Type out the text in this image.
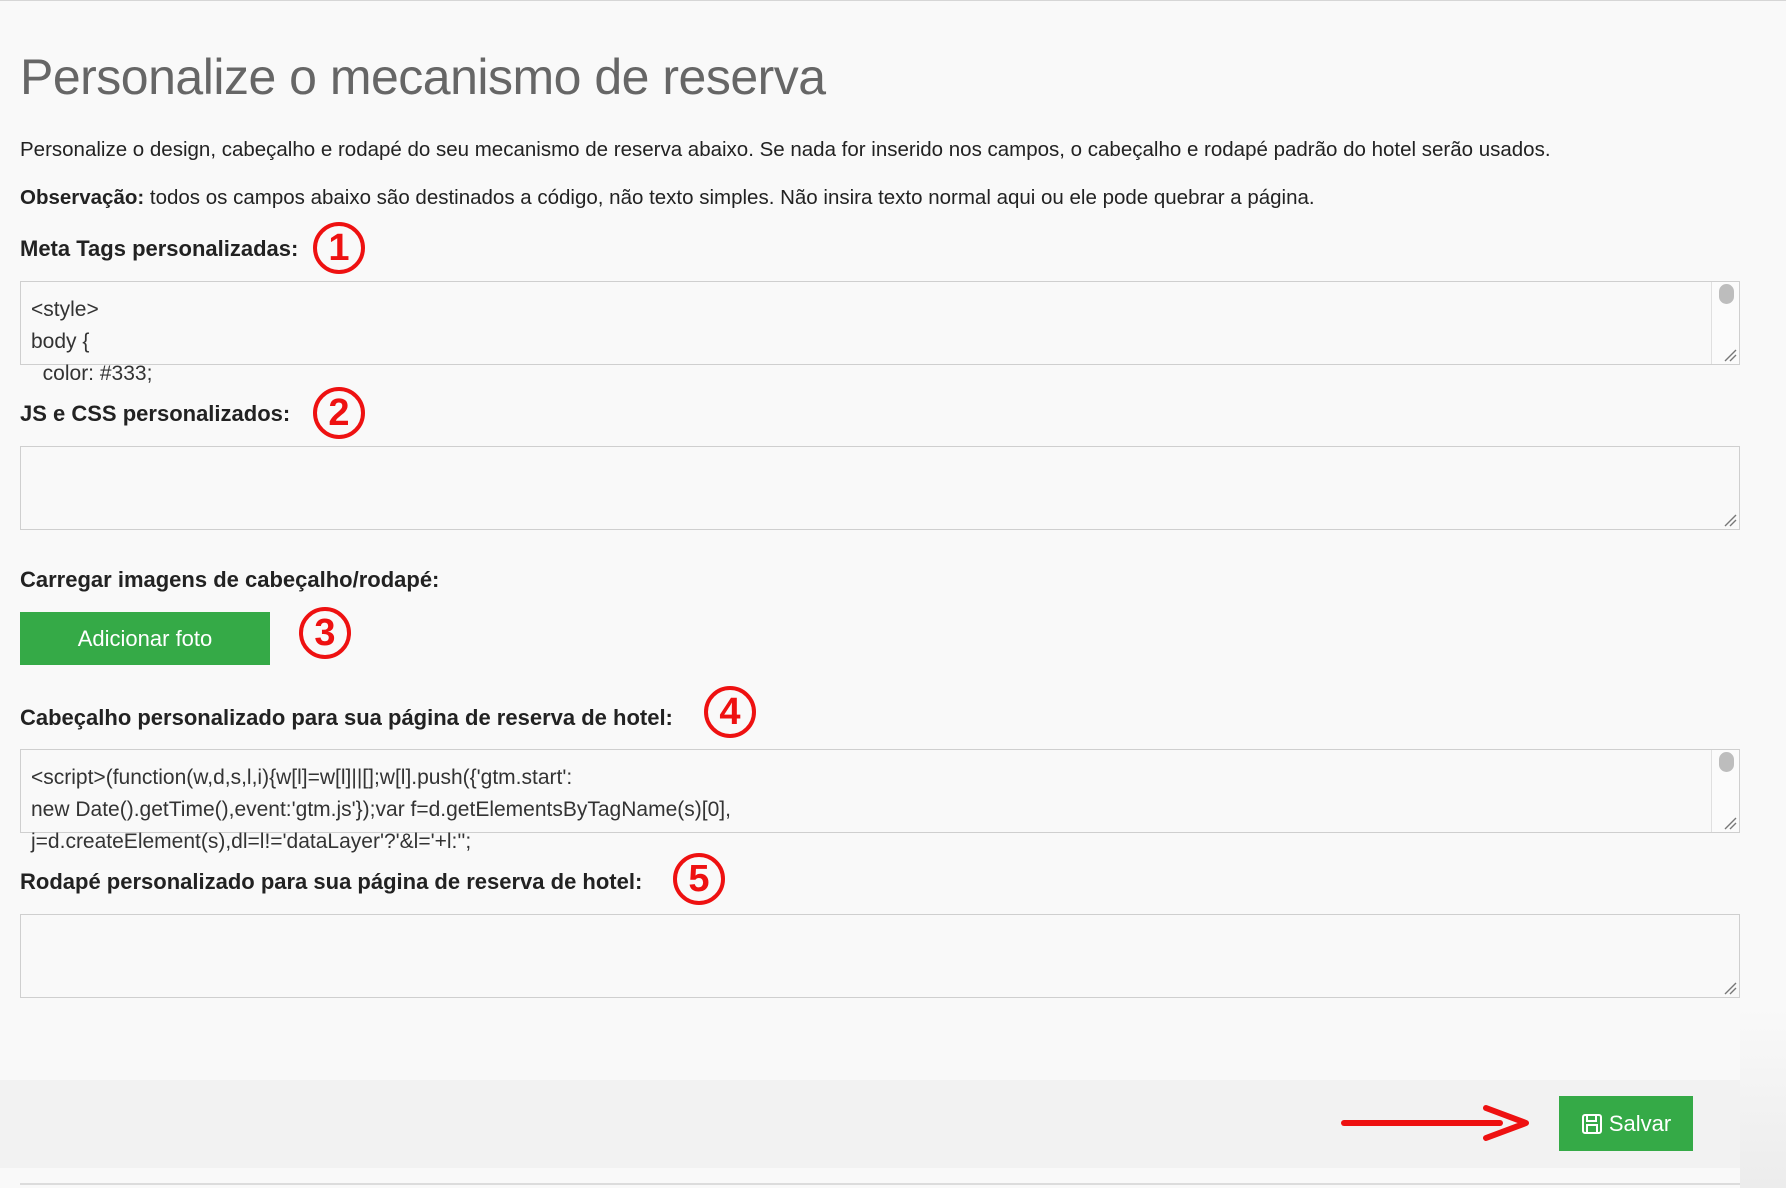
Personalize o mecanismo de reserva
Personalize o design, cabeçalho e rodapé do seu mecanismo de reserva abaixo. Se nada for inserido nos campos, o cabeçalho e rodapé padrão do hotel serão usados.
Observação: todos os campos abaixo são destinados a código, não texto simples. Não insira texto normal aqui ou ele pode quebrar a página.
Meta Tags personalizadas: 1
<style>
body {
color: #333;
JS e CSS personalizados:	2
Carregar imagens de cabeçalho/rodapé:
Adicionar foto	3
Cabeçalho personalizado para sua página de reserva de hotel:	4
<script>(function(w,d,s,l,i){w[l]=w[l]||[];w[l].push({'gtm.start':
new Date().getTime(),event:'gtm.js'});var f=d.getElementsByTagName(s)[0],
j=d.createElement(s),dl=l!='dataLayer'?'&l='+l:'';
Rodapé personalizado para sua página de reserva de hotel:	5
Salvar
